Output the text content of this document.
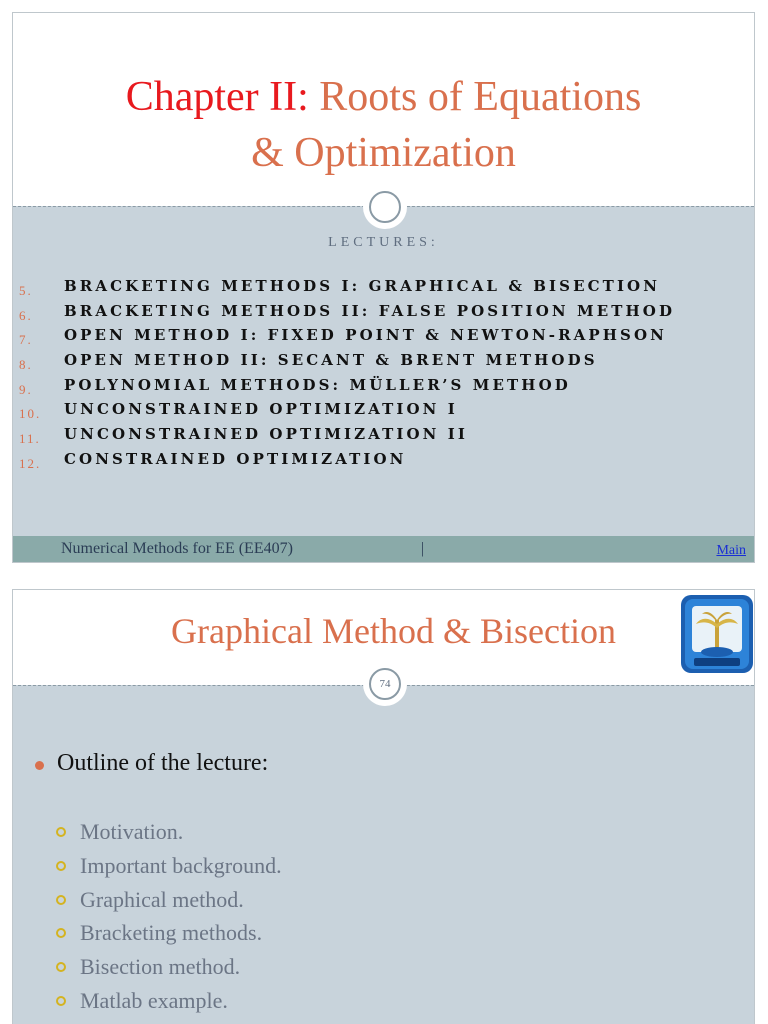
Chapter II: Roots of Equations
& Optimization
LECTURES:
5. BRACKETING METHODS I: GRAPHICAL & BISECTION
6. BRACKETING METHODS II: FALSE POSITION METHOD
7. OPEN METHOD I: FIXED POINT & NEWTON-RAPHSON
8. OPEN METHOD II: SECANT & BRENT METHODS
9. POLYNOMIAL METHODS: MÜLLER’S METHOD
10. UNCONSTRAINED OPTIMIZATION I
11. UNCONSTRAINED OPTIMIZATION II
12. CONSTRAINED OPTIMIZATION
Numerical Methods for EE (EE407)	|	Main
Graphical Method & Bisection
74
Outline of the lecture:
Motivation.
Important background.
Graphical method.
Bracketing methods.
Bisection method.
Matlab example.
